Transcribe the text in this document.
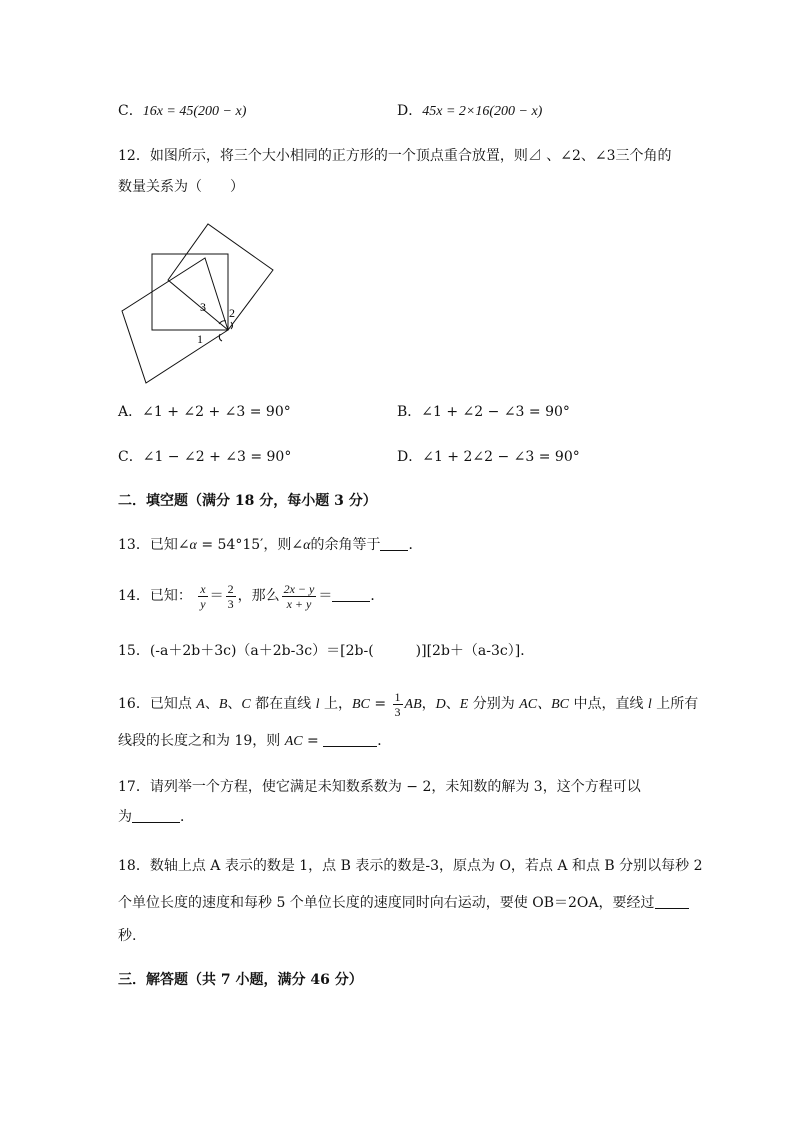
C．16x = 45(200 − x)	D．45x = 2×16(200 − x)
12．如图所示，将三个大小相同的正方形的一个顶点重合放置，则⊿ 、∠2、∠3三个角的
数量关系为（　　）
3 2
1
A．∠1 + ∠2 + ∠3 = 90°	B．∠1 + ∠2 − ∠3 = 90°
C．∠1 − ∠2 + ∠3 = 90°	D．∠1 + 2∠2 − ∠3 = 90°
二．填空题（满分 18 分，每小题 3 分）
13．已知∠α = 54°15′，则∠α的余角等于 ．
14．已知： $\frac{x}{y} = \frac{2}{3}$ ，那么 $\frac{2x - y}{x + y}$ ＝	．
15．(-a＋2b＋3c)（a＋2b-3c）＝[2b-(　　　)][2b＋（a-3c）]．
16．已知点 A、B、C 都在直线 l 上，BC = $\frac{1}{3}$ AB，D、E 分别为 AC、BC 中点，直线 l 上所有
线段的长度之和为 19，则 AC =	．
17．请列举一个方程，使它满足未知数系数为 − 2，未知数的解为 3，这个方程可以
为	．
18．数轴上点 A 表示的数是 1，点 B 表示的数是-3，原点为 O，若点 A 和点 B 分别以每秒 2
个单位长度的速度和每秒 5 个单位长度的速度同时向右运动，要使 OB＝2OA，要经过
秒.
三．解答题（共 7 小题，满分 46 分）
